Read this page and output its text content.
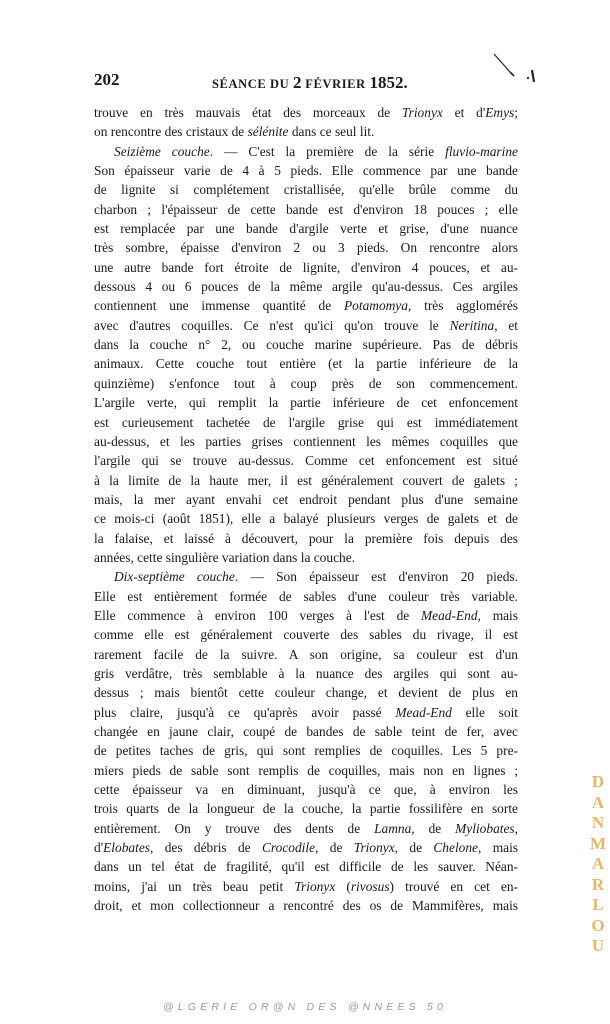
202	SÉANCE DU 2 FÉVRIER 1852.
trouve en très mauvais état des morceaux de Trionyx et d'Emys;
on rencontre des cristaux de sélénite dans ce seul lit.
Seizième couche. — C'est la première de la série fluvio-marine
Son épaisseur varie de 4 à 5 pieds. Elle commence par une bande
de lignite si complétement cristallisée, qu'elle brûle comme du
charbon ; l'épaisseur de cette bande est d'environ 18 pouces ; elle
est remplacée par une bande d'argile verte et grise, d'une nuance
très sombre, épaisse d'environ 2 ou 3 pieds. On rencontre alors
une autre bande fort étroite de lignite, d'environ 4 pouces, et au-
dessous 4 ou 6 pouces de la même argile qu'au-dessus. Ces argiles
contiennent une immense quantité de Potamomya, très agglomérés
avec d'autres coquilles. Ce n'est qu'ici qu'on trouve le Neritina, et
dans la couche n° 2, ou couche marine supérieure. Pas de débris
animaux. Cette couche tout entière (et la partie inférieure de la
quinzième) s'enfonce tout à coup près de son commencement.
L'argile verte, qui remplit la partie inférieure de cet enfoncement
est curieusement tachetée de l'argile grise qui est immédiatement
au-dessus, et les parties grises contiennent les mêmes coquilles que
l'argile qui se trouve au-dessus. Comme cet enfoncement est situé
à la limite de la haute mer, il est généralement couvert de galets ;
mais, la mer ayant envahi cet endroit pendant plus d'une semaine
ce mois-ci (août 1851), elle a balayé plusieurs verges de galets et de
la falaise, et laissé à découvert, pour la première fois depuis des
années, cette singulière variation dans la couche.
Dix-septième couche. — Son épaisseur est d'environ 20 pieds.
Elle est entièrement formée de sables d'une couleur très variable.
Elle commence à environ 100 verges à l'est de Mead-End, mais
comme elle est généralement couverte des sables du rivage, il est
rarement facile de la suivre. A son origine, sa couleur est d'un
gris verdâtre, très semblable à la nuance des argiles qui sont au-
dessus ; mais bientôt cette couleur change, et devient de plus en
plus claire, jusqu'à ce qu'après avoir passé Mead-End elle soit
changée en jaune clair, coupé de bandes de sable teint de fer, avec
de petites taches de gris, qui sont remplies de coquilles. Les 5 pre-
miers pieds de sable sont remplis de coquilles, mais non en lignes ;
cette épaisseur va en diminuant, jusqu'à ce que, à environ les
trois quarts de la longueur de la couche, la partie fossilifère en sorte
entièrement. On y trouve des dents de Lamna, de Myliobates,
d'Elobates, des débris de Crocodile, de Trionyx, de Chelone, mais
dans un tel état de fragilité, qu'il est difficile de les sauver. Néan-
moins, j'ai un très beau petit Trionyx (rivosus) trouvé en cet en-
droit, et mon collectionneur a rencontré des os de Mammifères, mais
D
A
N
M
A
R
L
O
U
@LGERIE OR@N DES @NNEES 50
